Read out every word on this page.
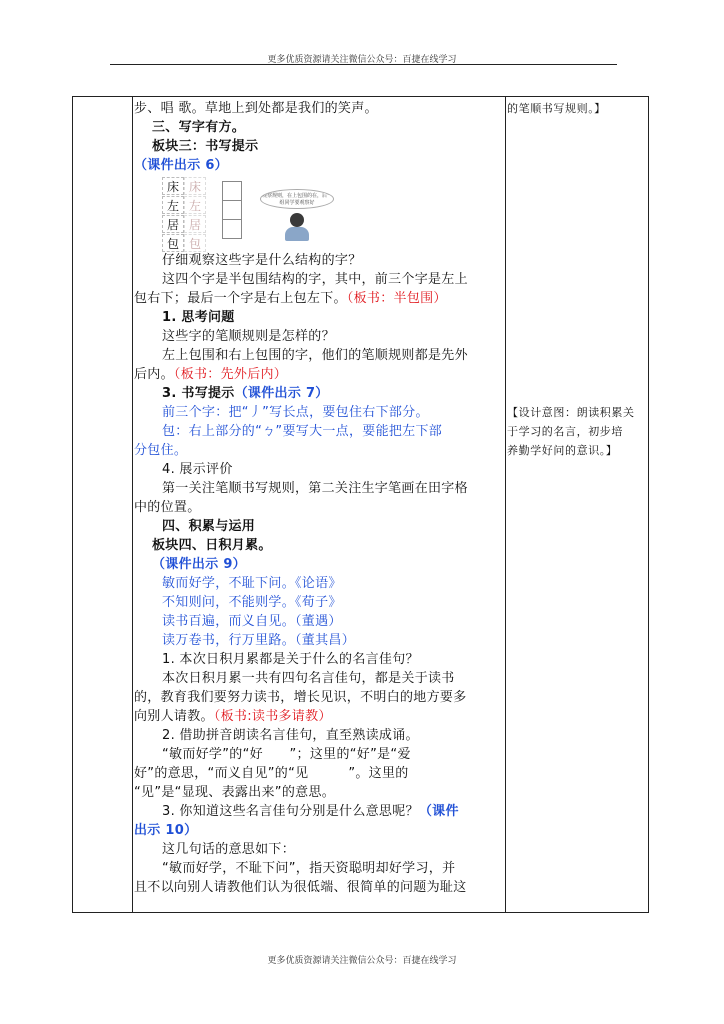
更多优质资源请关注微信公众号：百捷在线学习
步、唱 歌。草地上到处都是我们的笑声。
三、写字有方。
板块三：书写提示
（课件出示 6）
床
左
居
包
床
左
居
包
观察规则，在上包围的在，后一组同学要观察好
仔细观察这些字是什么结构的字？
这四个字是半包围结构的字，其中，前三个字是左上
包右下；最后一个字是右上包左下。（板书：半包围）
1. 思考问题
这些字的笔顺规则是怎样的？
左上包围和右上包围的字，他们的笔顺规则都是先外
后内。（板书：先外后内）
3. 书写提示（课件出示 7）
前三个字：把“丿”写长点，要包住右下部分。
包：右上部分的“ㄅ”要写大一点，要能把左下部
分包住。
4. 展示评价
第一关注笔顺书写规则，第二关注生字笔画在田字格
中的位置。
四、积累与运用
板块四、日积月累。
（课件出示 9）
敏而好学，不耻下问。《论语》
不知则问，不能则学。《荀子》
读书百遍，而义自见。（董遇）
读万卷书，行万里路。（董其昌）
1. 本次日积月累都是关于什么的名言佳句？
本次日积月累一共有四句名言佳句，都是关于读书
的，教育我们要努力读书，增长见识，不明白的地方要多
向别人请教。（板书:读书多请教）
2. 借助拼音朗读名言佳句，直至熟读成诵。
“敏而好学”的“好　　”；这里的“好”是“爱
好”的意思，“而义自见”的“见　　　”。这里的
“见”是“显现、表露出来”的意思。
3. 你知道这些名言佳句分别是什么意思呢？（课件
出示 10）
这几句话的意思如下：
“敏而好学，不耻下问”，指天资聪明却好学习，并
且不以向别人请教他们认为很低端、很简单的问题为耻这
的笔顺书写规则。】
【设计意图：朗读积累关
于学习的名言，初步培
养勤学好问的意识。】
更多优质资源请关注微信公众号：百捷在线学习
